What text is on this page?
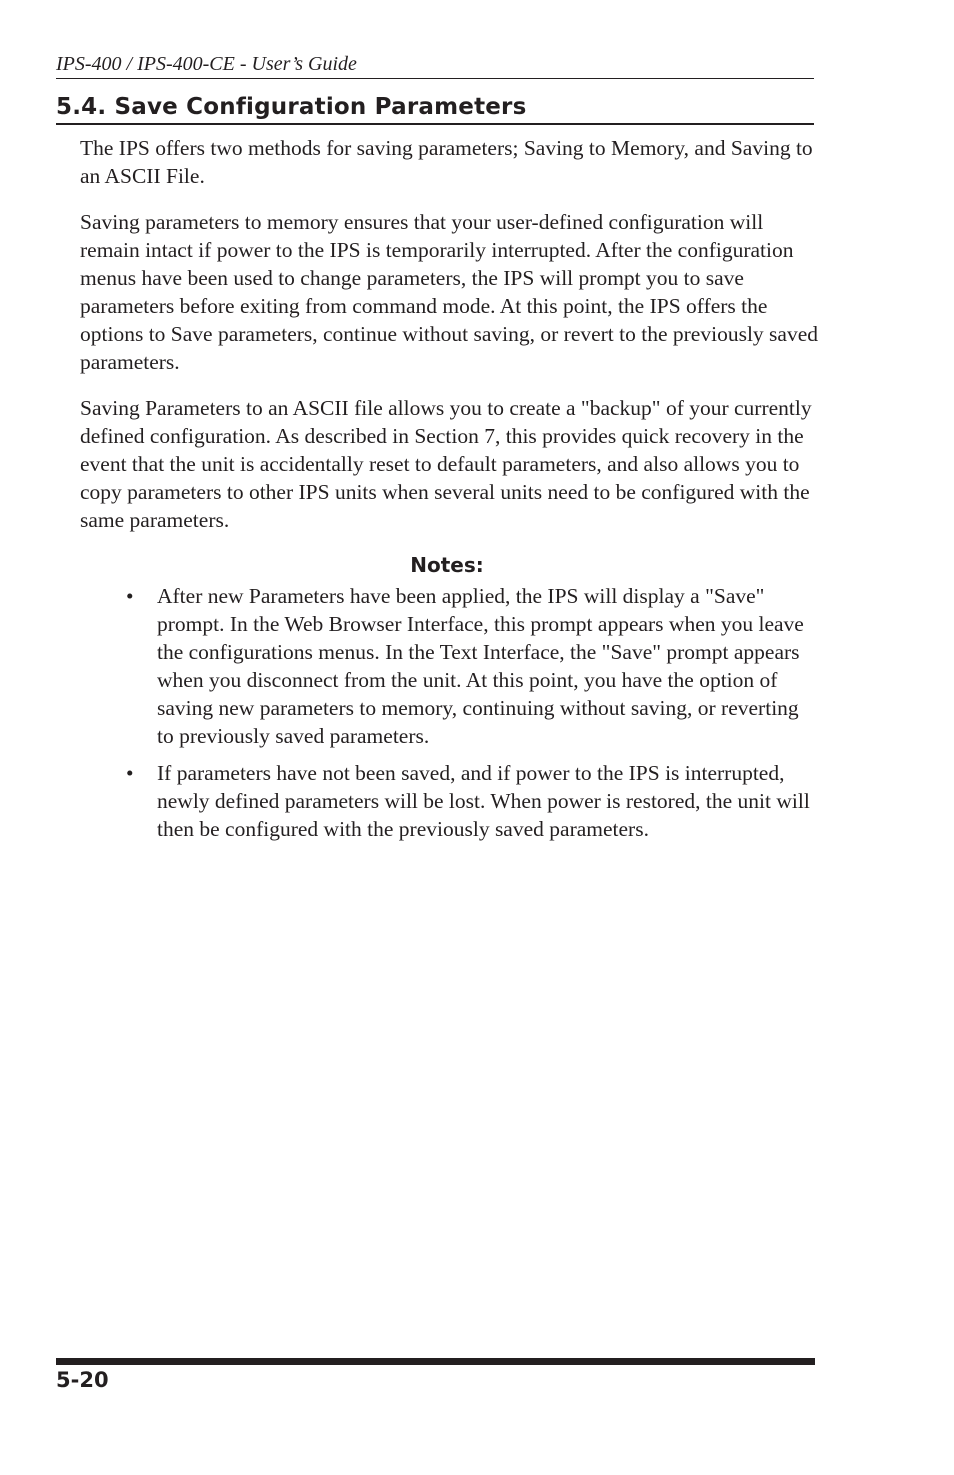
IPS-400 / IPS-400-CE - User’s Guide
5.4. Save Configuration Parameters

The IPS offers two methods for saving parameters; Saving to Memory, and Saving to an ASCII File.

Saving parameters to memory ensures that your user-defined configuration will remain intact if power to the IPS is temporarily interrupted. After the configuration menus have been used to change parameters, the IPS will prompt you to save parameters before exiting from command mode. At this point, the IPS offers the options to Save parameters, continue without saving, or revert to the previously saved parameters.

Saving Parameters to an ASCII file allows you to create a "backup" of your currently defined configuration. As described in Section 7, this provides quick recovery in the event that the unit is accidentally reset to default parameters, and also allows you to copy parameters to other IPS units when several units need to be configured with the same parameters.

Notes:
• After new Parameters have been applied, the IPS will display a "Save" prompt. In the Web Browser Interface, this prompt appears when you leave the configurations menus. In the Text Interface, the "Save" prompt appears when you disconnect from the unit. At this point, you have the option of saving new parameters to memory, continuing without saving, or reverting to previously saved parameters.
• If parameters have not been saved, and if power to the IPS is interrupted, newly defined parameters will be lost. When power is restored, the unit will then be configured with the previously saved parameters.
5-20
